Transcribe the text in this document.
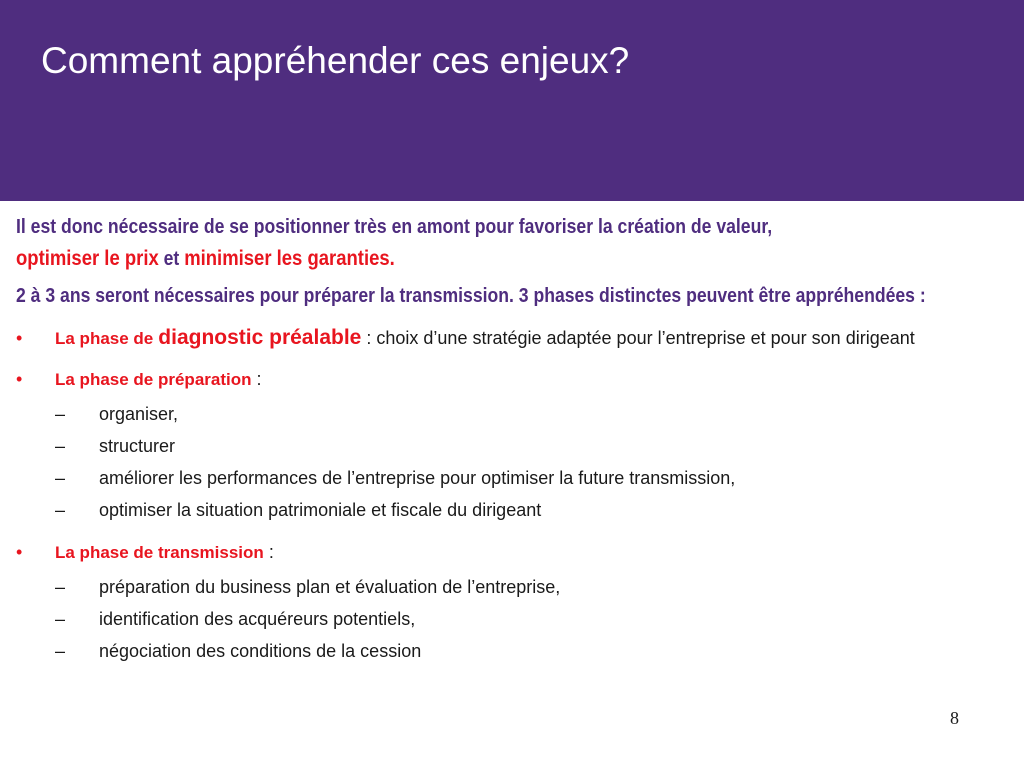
Comment appréhender ces enjeux?

Il est donc nécessaire de se positionner très en amont pour favoriser la création de valeur,
optimiser le prix et minimiser les garanties.

2 à 3 ans seront nécessaires pour préparer la transmission. 3 phases distinctes peuvent être appréhendées :

• La phase de diagnostic préalable : choix d’une stratégie adaptée pour l’entreprise et pour son dirigeant
• La phase de préparation :
– organiser,
– structurer
– améliorer les performances de l’entreprise pour optimiser la future transmission,
– optimiser la situation patrimoniale et fiscale du dirigeant
• La phase de transmission :
– préparation du business plan et évaluation de l’entreprise,
– identification des acquéreurs potentiels,
– négociation des conditions de la cession
8
